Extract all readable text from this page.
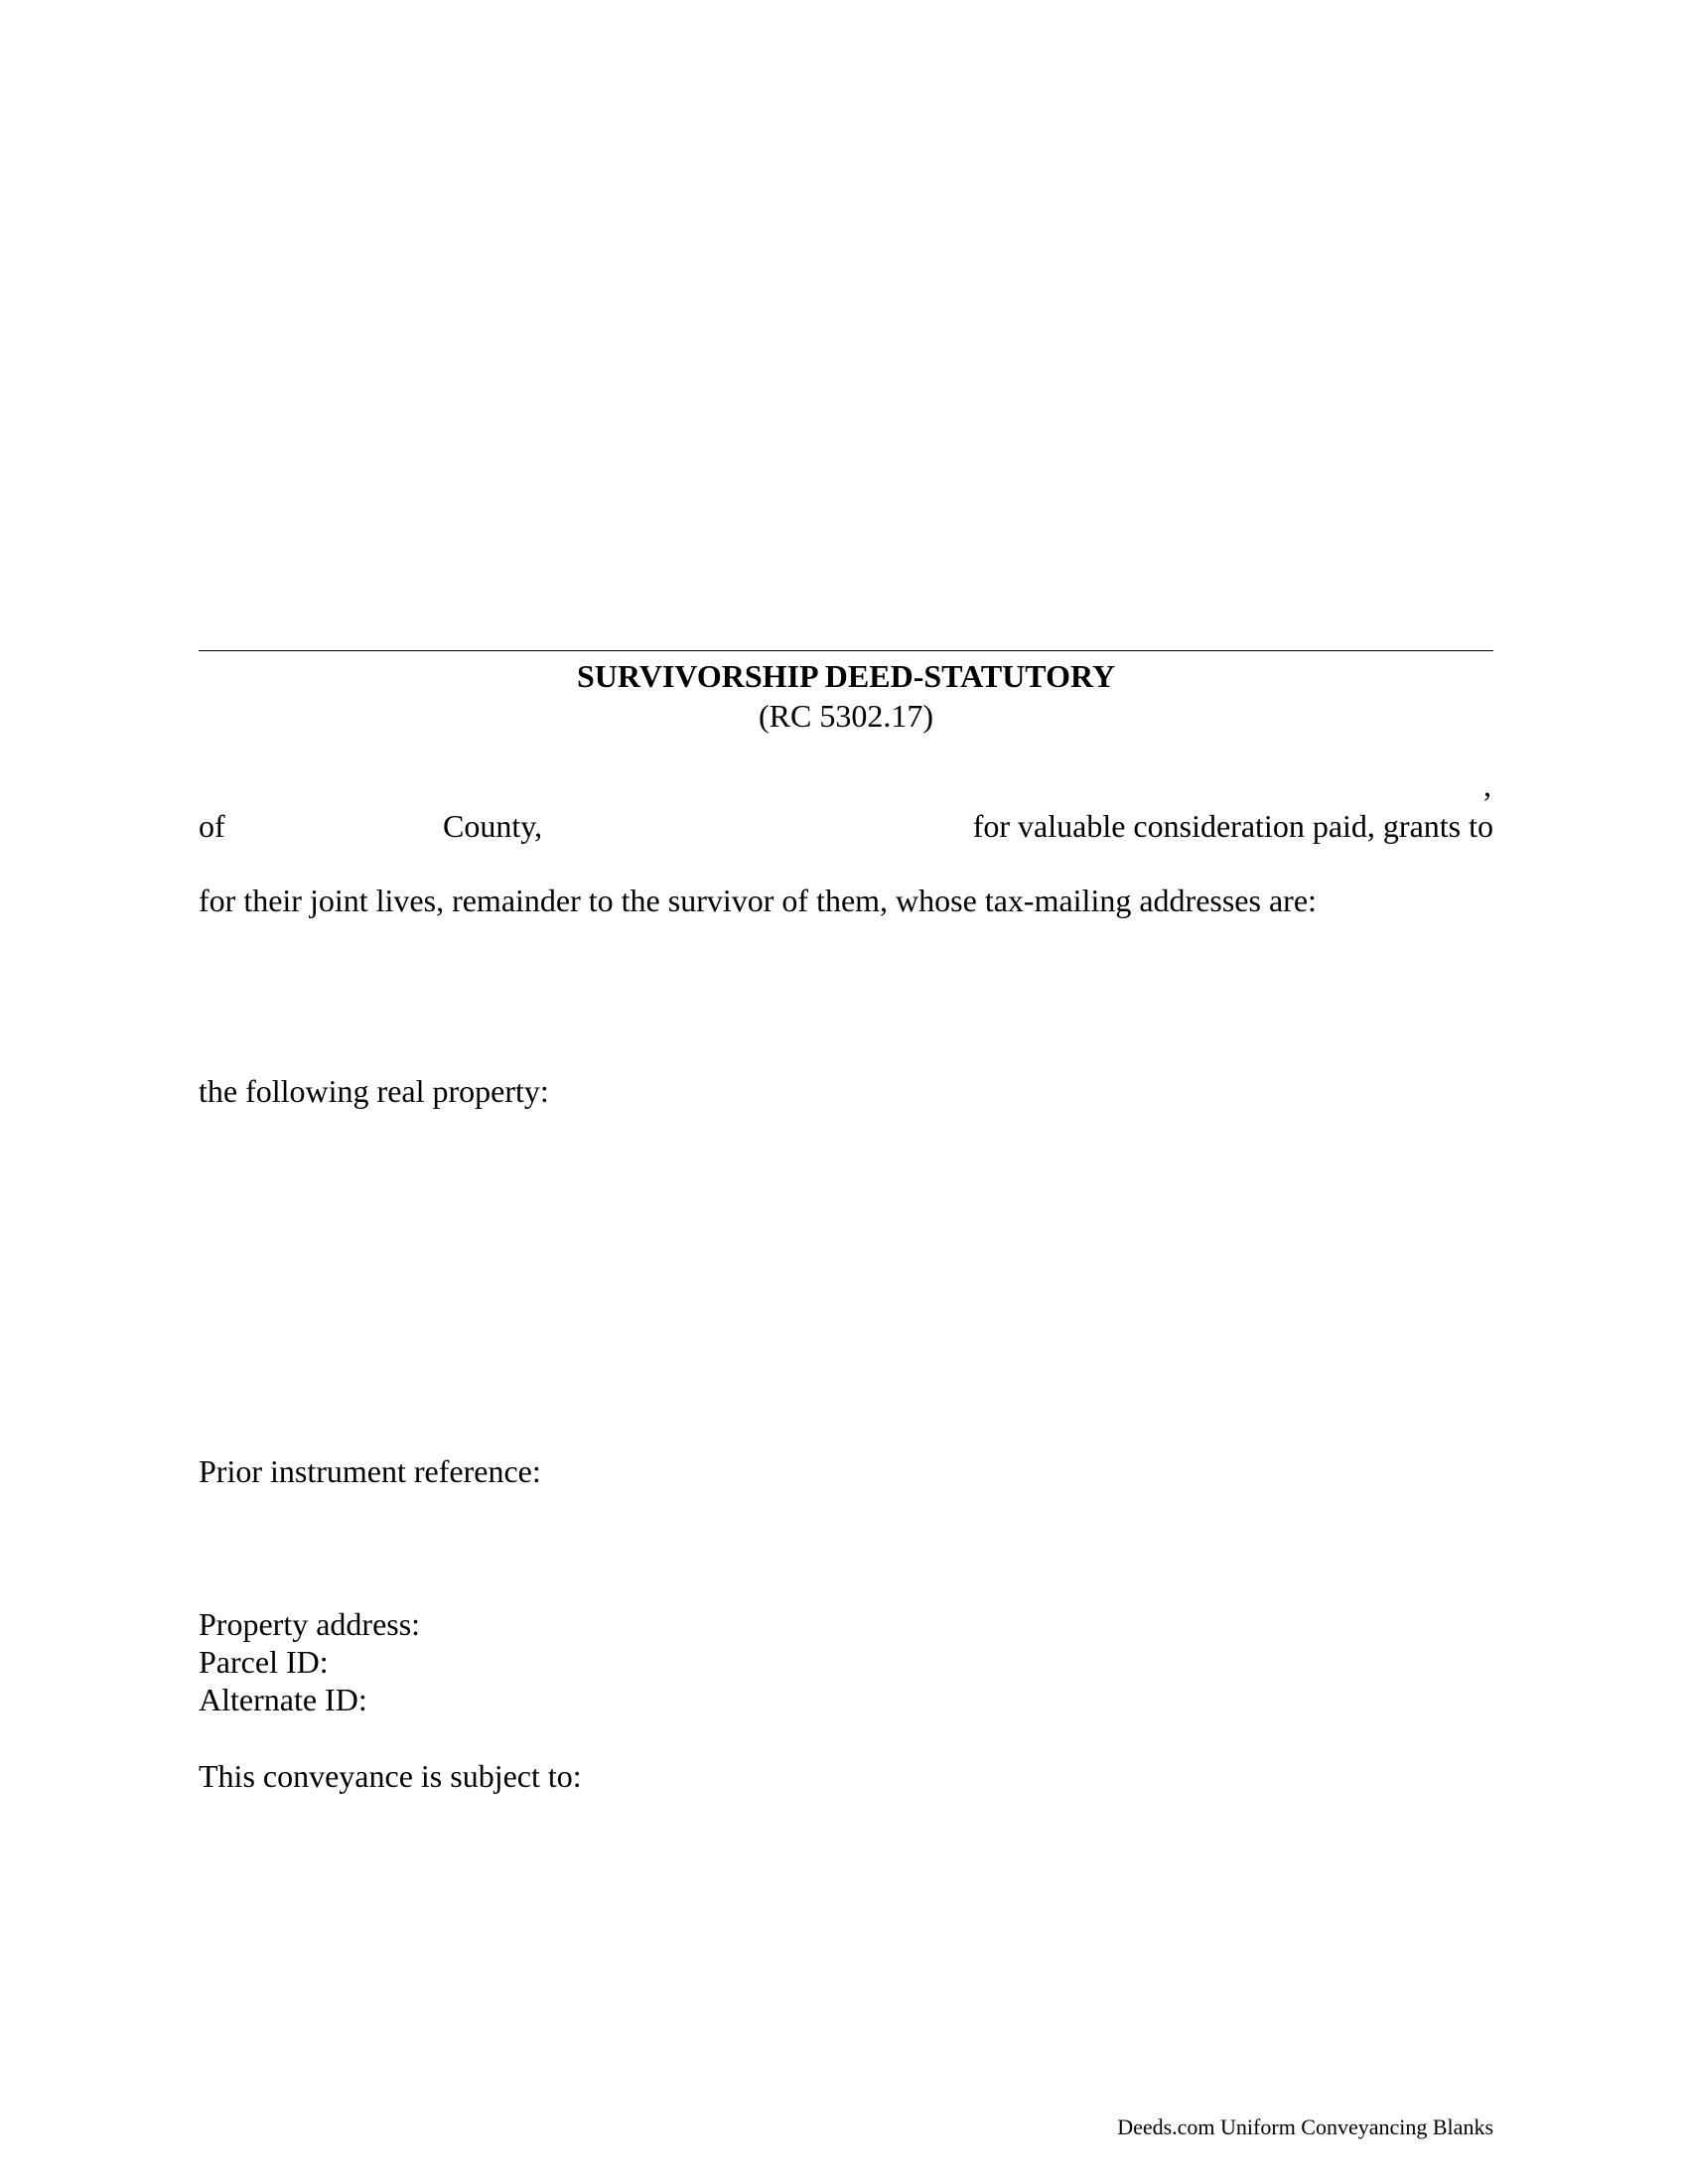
SURVIVORSHIP DEED-STATUTORY
(RC 5302.17)
,
of	County,	for valuable consideration paid, grants to
for their joint lives, remainder to the survivor of them, whose tax-mailing addresses are:
the following real property:
Prior instrument reference:
Property address:
Parcel ID:
Alternate ID:
This conveyance is subject to:
Deeds.com Uniform Conveyancing Blanks
